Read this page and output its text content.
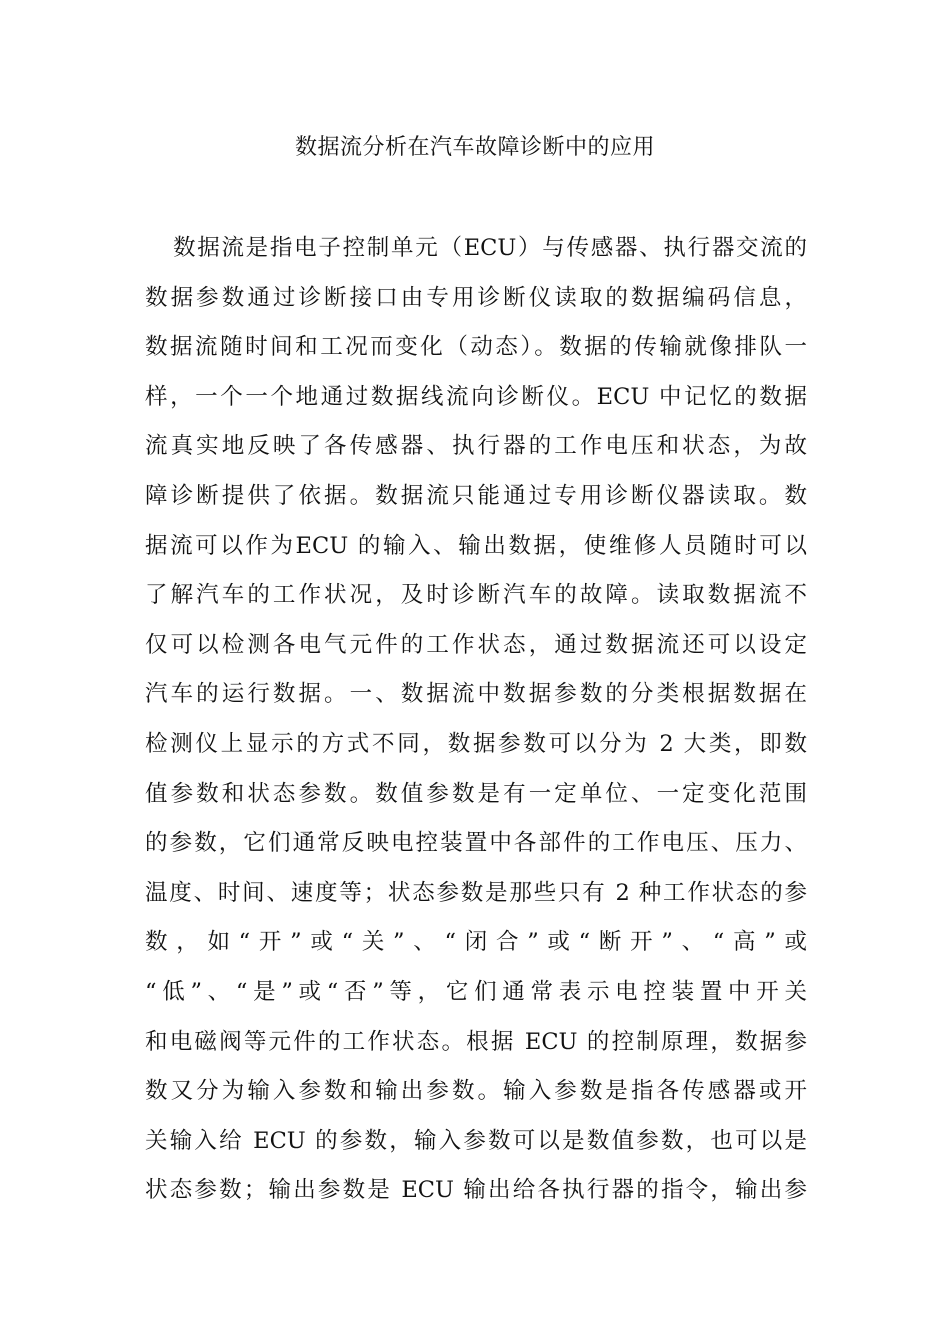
数据流分析在汽车故障诊断中的应用
数据流是指电子控制单元（ECU）与传感器、执行器交流的
数据参数通过诊断接口由专用诊断仪读取的数据编码信息，
数据流随时间和工况而变化（动态）。数据的传输就像排队一
样，一个一个地通过数据线流向诊断仪。ECU 中记忆的数据
流真实地反映了各传感器、执行器的工作电压和状态，为故
障诊断提供了依据。数据流只能通过专用诊断仪器读取。数
据流可以作为ECU 的输入、输出数据，使维修人员随时可以
了解汽车的工作状况，及时诊断汽车的故障。读取数据流不
仅可以检测各电气元件的工作状态，通过数据流还可以设定
汽车的运行数据。一、数据流中数据参数的分类根据数据在
检测仪上显示的方式不同，数据参数可以分为 2 大类，即数
值参数和状态参数。数值参数是有一定单位、一定变化范围
的参数，它们通常反映电控装置中各部件的工作电压、压力、
温度、时间、速度等；状态参数是那些只有 2 种工作状态的参
数，如“开”或“关”、“闭合”或“断开”、“高”或
“低”、“是”或“否”等，它们通常表示电控装置中开关
和电磁阀等元件的工作状态。根据 ECU 的控制原理，数据参
数又分为输入参数和输出参数。输入参数是指各传感器或开
关输入给 ECU 的参数，输入参数可以是数值参数，也可以是
状态参数；输出参数是 ECU 输出给各执行器的指令，输出参
